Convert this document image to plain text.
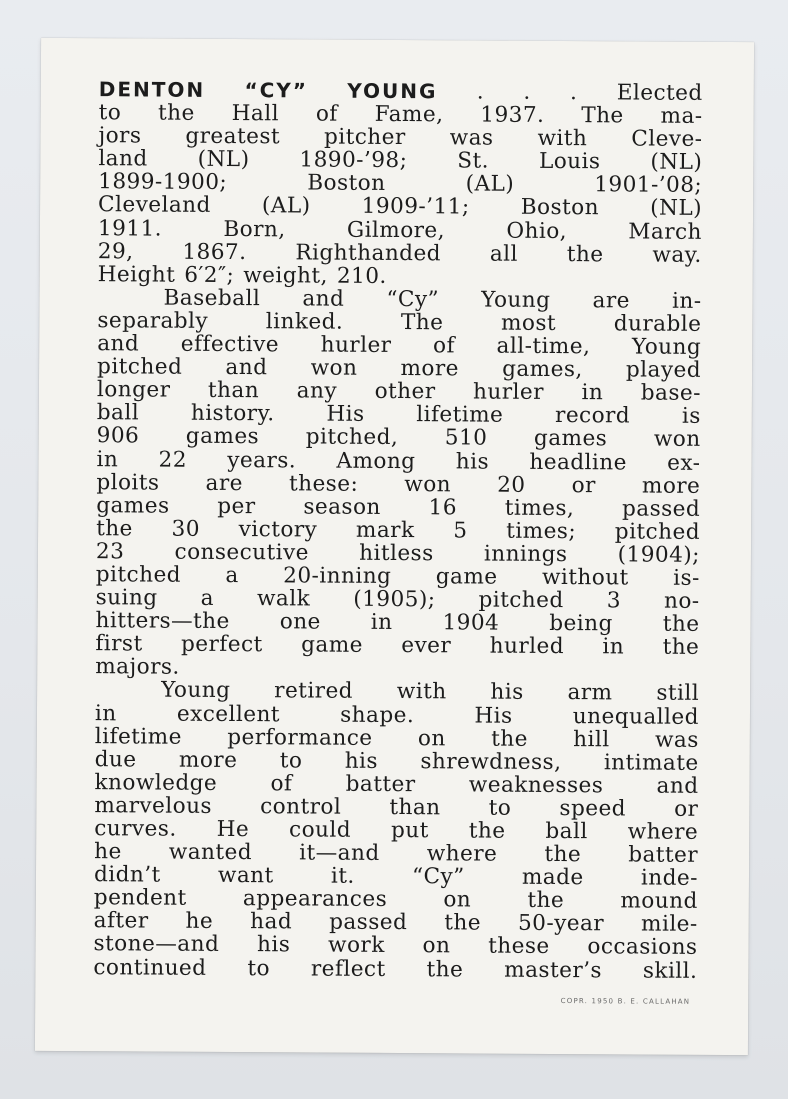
DENTON “CY” YOUNG . . . Elected
to the Hall of Fame, 1937. The ma-
jors greatest pitcher was with Cleve-
land (NL) 1890-’98; St. Louis (NL)
1899-1900;	Boston	(AL)	1901-’08;
Cleveland (AL) 1909-’11; Boston (NL)
1911.	Born,	Gilmore,	Ohio,	March
29, 1867. Righthanded all the way.
Height 6′2″; weight, 210.
Baseball and “Cy” Young are in-
separably	linked.	The	most	durable
and effective hurler of all-time, Young
pitched and won more games, played
longer than any other hurler in base-
ball history. His lifetime record is
906 games pitched, 510 games won
in 22 years. Among his headline ex-
ploits are these: won 20 or more
games per season 16 times, passed
the 30 victory mark 5 times; pitched
23 consecutive hitless innings (1904);
pitched a 20-inning game without is-
suing a walk (1905); pitched 3 no-
hitters—the one in 1904 being the
first perfect game ever hurled in the
majors.
Young retired with his arm still
in	excellent	shape.	His	unequalled
lifetime performance on the hill was
due more to his shrewdness, intimate
knowledge of batter weaknesses and
marvelous control than to speed or
curves. He could put the ball where
he wanted it—and where the batter
didn’t	want	it.	“Cy”	made	inde-
pendent	appearances	on	the	mound
after he had passed the 50-year mile-
stone—and his work on these occasions
continued to reflect the master’s skill.
COPR. 1950 B. E. CALLAHAN
